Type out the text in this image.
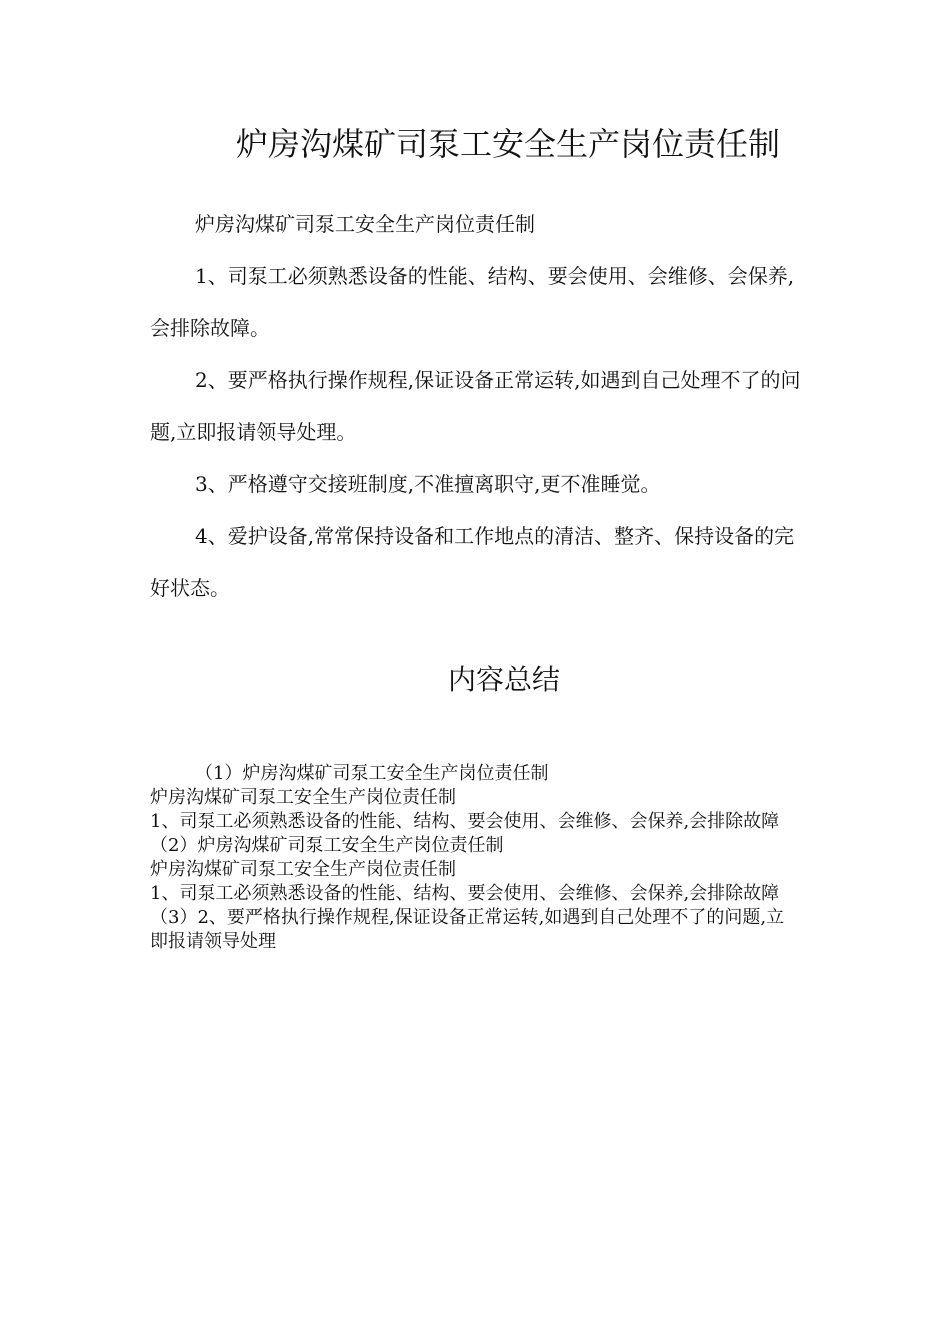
炉房沟煤矿司泵工安全生产岗位责任制

炉房沟煤矿司泵工安全生产岗位责任制

1、司泵工必须熟悉设备的性能、结构、要会使用、会维修、会保养,会排除故障。

2、要严格执行操作规程,保证设备正常运转,如遇到自己处理不了的问题,立即报请领导处理。

3、严格遵守交接班制度,不准擅离职守,更不准睡觉。

4、爱护设备,常常保持设备和工作地点的清洁、整齐、保持设备的完好状态。

内容总结
（1）炉房沟煤矿司泵工安全生产岗位责任制
炉房沟煤矿司泵工安全生产岗位责任制
1、司泵工必须熟悉设备的性能、结构、要会使用、会维修、会保养,会排除故障
（2）炉房沟煤矿司泵工安全生产岗位责任制
炉房沟煤矿司泵工安全生产岗位责任制
1、司泵工必须熟悉设备的性能、结构、要会使用、会维修、会保养,会排除故障
（3）2、要严格执行操作规程,保证设备正常运转,如遇到自己处理不了的问题,立即报请领导处理
